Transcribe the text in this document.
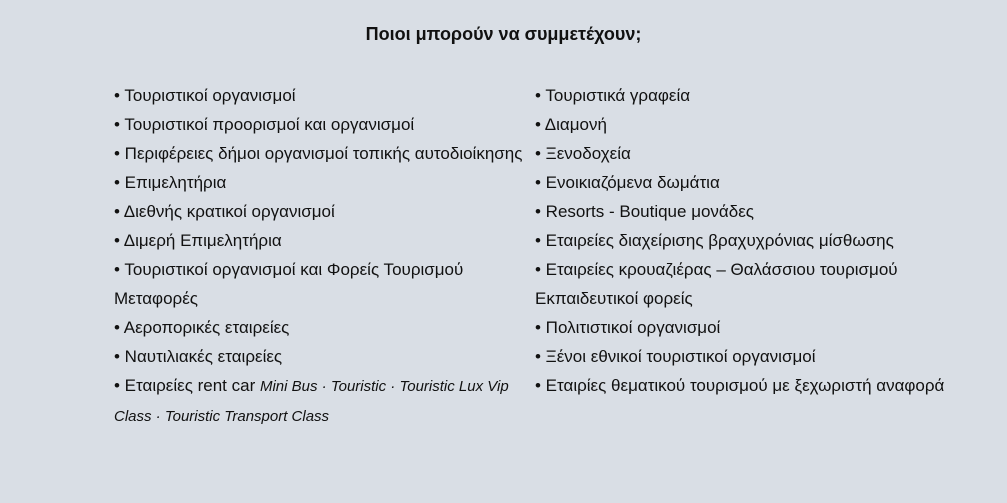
Ποιοι μπορούν να συμμετέχουν;
• Τουριστικοί οργανισμοί
• Τουριστικοί προορισμοί και οργανισμοί
• Περιφέρειες δήμοι οργανισμοί τοπικής αυτοδιοίκησης
• Επιμελητήρια
• Διεθνής κρατικοί οργανισμοί
• Διμερή Επιμελητήρια
• Τουριστικοί οργανισμοί και Φορείς Τουρισμού Μεταφορές
• Αεροπορικές εταιρείες
• Ναυτιλιακές εταιρείες
• Εταιρείες rent car Mini Bus · Touristic · Touristic Lux Vip Class · Touristic Transport Class
• Τουριστικά γραφεία
• Διαμονή
• Ξενοδοχεία
• Ενοικιαζόμενα δωμάτια
• Resorts - Boutique μονάδες
• Εταιρείες διαχείρισης βραχυχρόνιας μίσθωσης
• Εταιρείες κρουαζιέρας – Θαλάσσιου τουρισμού
Εκπαιδευτικοί φορείς
• Πολιτιστικοί οργανισμοί
• Ξένοι εθνικοί τουριστικοί οργανισμοί
• Εταιρίες θεματικού τουρισμού με ξεχωριστή αναφορά
